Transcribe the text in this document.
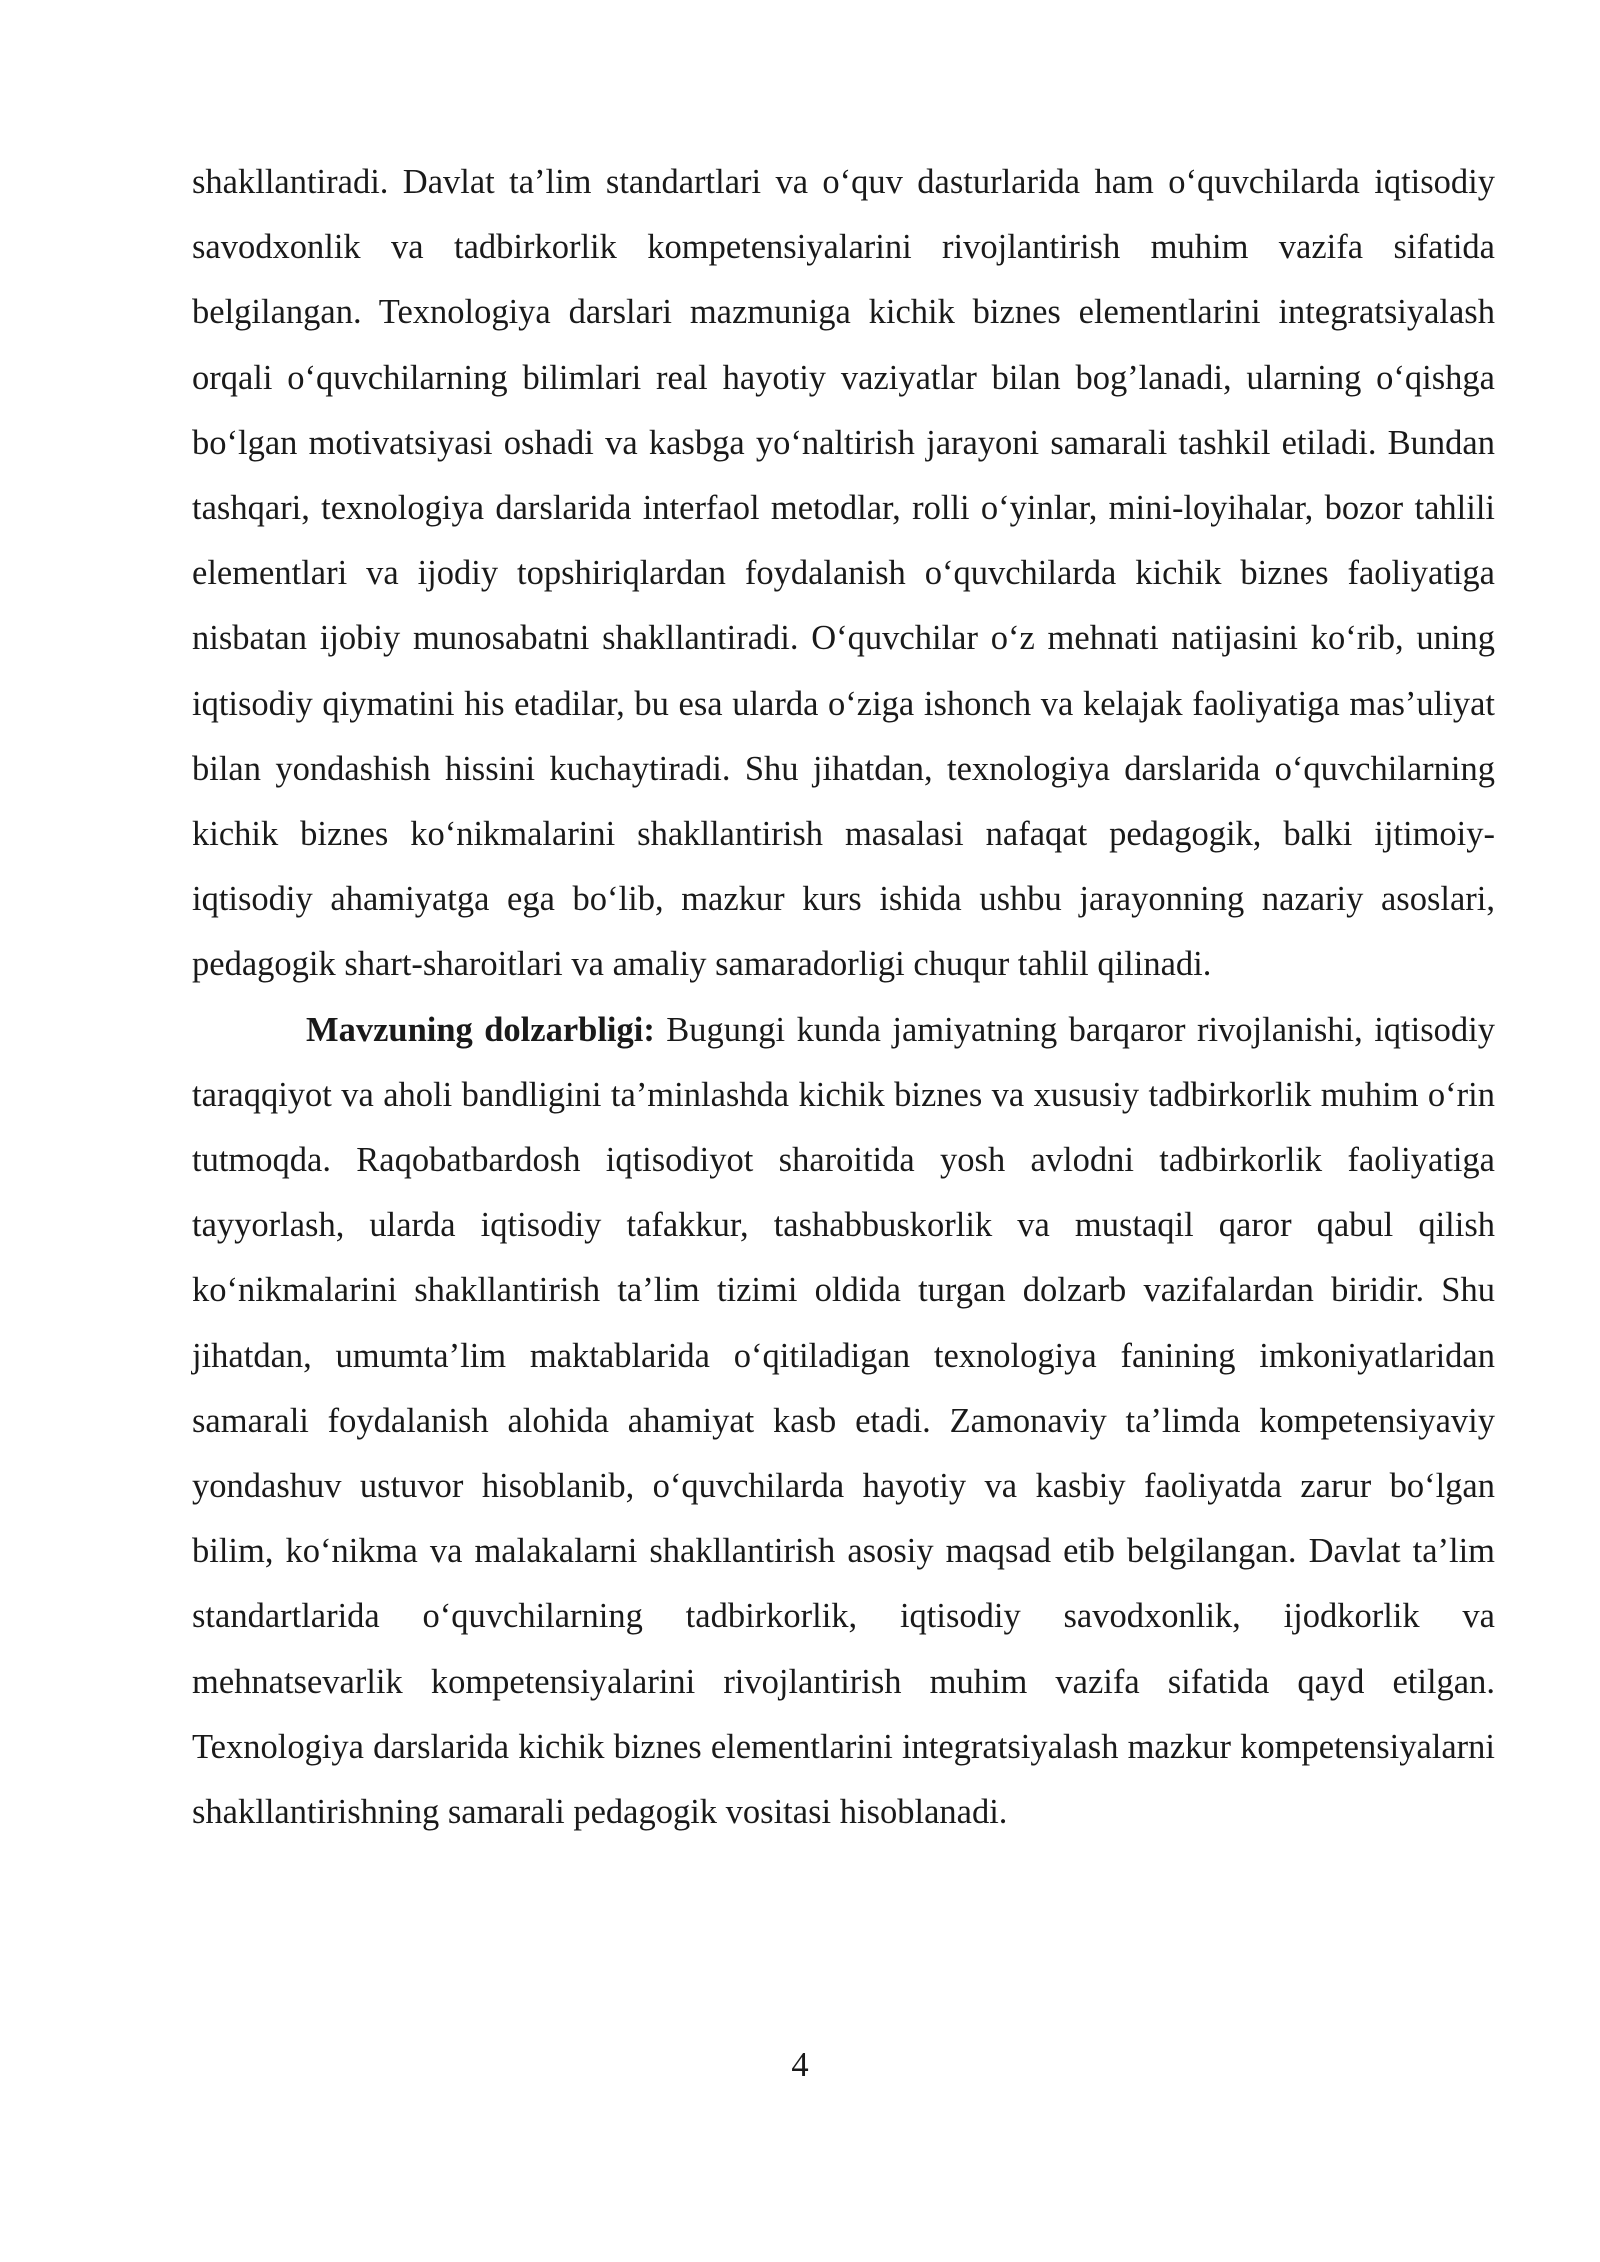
shakllantiradi. Davlat ta’lim standartlari va o‘quv dasturlarida ham o‘quvchilarda iqtisodiy savodxonlik va tadbirkorlik kompetensiyalarini rivojlantirish muhim vazifa sifatida belgilangan. Texnologiya darslari mazmuniga kichik biznes elementlarini integratsiyalash orqali o‘quvchilarning bilimlari real hayotiy vaziyatlar bilan bog’lanadi, ularning o‘qishga bo‘lgan motivatsiyasi oshadi va kasbga yo‘naltirish jarayoni samarali tashkil etiladi. Bundan tashqari, texnologiya darslarida interfaol metodlar, rolli o‘yinlar, mini-loyihalar, bozor tahlili elementlari va ijodiy topshiriqlardan foydalanish o‘quvchilarda kichik biznes faoliyatiga nisbatan ijobiy munosabatni shakllantiradi. O‘quvchilar o‘z mehnati natijasini ko‘rib, uning iqtisodiy qiymatini his etadilar, bu esa ularda o‘ziga ishonch va kelajak faoliyatiga mas’uliyat bilan yondashish hissini kuchaytiradi. Shu jihatdan, texnologiya darslarida o‘quvchilarning kichik biznes ko‘nikmalarini shakllantirish masalasi nafaqat pedagogik, balki ijtimoiy-iqtisodiy ahamiyatga ega bo‘lib, mazkur kurs ishida ushbu jarayonning nazariy asoslari, pedagogik shart-sharoitlari va amaliy samaradorligi chuqur tahlil qilinadi.

Mavzuning dolzarbligi: Bugungi kunda jamiyatning barqaror rivojlanishi, iqtisodiy taraqqiyot va aholi bandligini ta’minlashda kichik biznes va xususiy tadbirkorlik muhim o‘rin tutmoqda. Raqobatbardosh iqtisodiyot sharoitida yosh avlodni tadbirkorlik faoliyatiga tayyorlash, ularda iqtisodiy tafakkur, tashabbuskorlik va mustaqil qaror qabul qilish ko‘nikmalarini shakllantirish ta’lim tizimi oldida turgan dolzarb vazifalardan biridir. Shu jihatdan, umumta’lim maktablarida o‘qitiladigan texnologiya fanining imkoniyatlaridan samarali foydalanish alohida ahamiyat kasb etadi. Zamonaviy ta’limda kompetensiyaviy yondashuv ustuvor hisoblanib, o‘quvchilarda hayotiy va kasbiy faoliyatda zarur bo‘lgan bilim, ko‘nikma va malakalarni shakllantirish asosiy maqsad etib belgilangan. Davlat ta’lim standartlarida o‘quvchilarning tadbirkorlik, iqtisodiy savodxonlik, ijodkorlik va mehnatsevarlik kompetensiyalarini rivojlantirish muhim vazifa sifatida qayd etilgan. Texnologiya darslarida kichik biznes elementlarini integratsiyalash mazkur kompetensiyalarni shakllantirishning samarali pedagogik vositasi hisoblanadi.

4
